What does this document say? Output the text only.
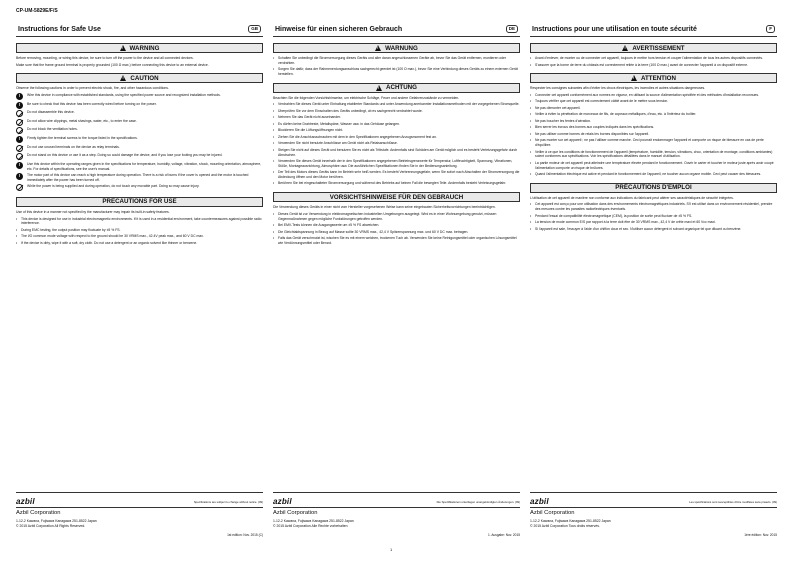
CP-UM-5829E/F/S
Instructions for Safe Use	GB
!
WARNING
Before removing, mounting, or wiring this device, be sure to turn off the power to the device and all connected devices.
Make sure that the frame ground terminal is properly grounded (100 Ω max.) before connecting this device to an external device.
!
CAUTION
Observe the following cautions in order to prevent electric shock, fire, and other hazardous conditions.
!	Wire this device in compliance with established standards, using the specified power source and recognized installation methods.
!	Be sure to check that this device has been correctly wired before turning on the power.
Do not disassemble this device.
Do not allow wire clippings, metal shavings, water, etc., to enter the case.
Do not block the ventilation holes.
!	Firmly tighten the terminal screws to the torque listed in the specifications.
Do not use unused terminals on the device as relay terminals.
Do not stand on this device or use it as a step. Doing so could damage the device, and if you lose your footing you may be injured.
!	Use this device within the operating ranges given in the specifications for temperature, humidity, voltage, vibration, shock, mounting orientation, atmosphere, etc. For details of specifications, see the user's manual.
!	The motor part of this device can reach a high temperature during operation. There is a risk of burns if the cover is opened and the motor is touched immediately after the power has been turned off.
While the power is being supplied and during operation, do not touch any movable part. Doing so may cause injury.
PRECAUTIONS FOR USE
Use of this device in a manner not specified by the manufacturer may impair its built-in safety features.
• This device is designed for use in industrial electromagnetic environments. If it is used in a residential environment, take countermeasures against possible radio interference.
• During EMC testing, the output position may fluctuate by ±5 % FS.
• The I/O common mode voltage with respect to the ground should be 30 VRMS max., 42.4V peak max., and 60 V DC max.
• If the device is dirty, wipe it with a soft, dry cloth. Do not use a detergent or an organic solvent like thinner or benzene.
Hinweise für einen sicheren Gebrauch	DE
!
WARNUNG
• Schalten Sie unbedingt die Stromversorgung dieses Geräts und aller daran angeschlossenen Geräte ab, bevor Sie das Gerät entfernen, montieren oder verdrahten.
• Sorgen Sie dafür, dass der Rahmenerdungsanschluss sachgerecht geerdet ist (100 Ω max.), bevor Sie eine Verbindung dieses Geräts zu einem externen Gerät herstellen.
!
ACHTUNG
Beachten Sie die folgenden Vorsichtshinweise, um elektrische Schläge, Feuer und andere Gefahrenzustände zu vermeiden.
• Verdrahten Sie dieses Gerät unter Einhaltung etablierter Standards und unter Anwendung anerkannter Installationsmethoden mit der vorgegebenen Stromquelle.
• Überprüfen Sie vor dem Einschalten des Geräts unbedingt, ob es sachgerecht verdrahtet wurde.
• Nehmen Sie das Gerät nicht auseinander.
• Es dürfen keine Drahtreste, Metallspäne, Wasser usw. in das Gehäuse gelangen.
• Blockieren Sie die Lüftungsöffnungen nicht.
• Ziehen Sie die Anschlussschrauben mit dem in den Spezifikationen angegebenen Anzugsmoment fest an.
• Verwenden Sie nicht benutzte Anschlüsse am Gerät nicht als Relaisanschlüsse.
• Steigen Sie nicht auf dieses Gerät und benutzen Sie es nicht als Trittstufe. Andernfalls sind Schäden am Gerät möglich und es besteht Verletzungsgefahr durch Abrutschen.
• Verwenden Sie dieses Gerät innerhalb der in den Spezifikationen angegebenen Betriebsgrenzwerte für Temperatur, Luftfeuchtigkeit, Spannung, Vibrationen, Stöße, Montageausrichtung, Atmosphäre usw. Die ausführlichen Spezifikationen finden Sie in der Bedienungsanleitung.
• Der Teil des Motors dieses Geräts kann im Betrieb sehr heiß werden. Es besteht Verbrennungsgefahr, wenn Sie sofort nach Abschalten der Stromversorgung die Abdeckung öffnen und den Motor berühren.
• Berühren Sie bei eingeschalteter Stromversorgung und während des Betriebs auf keinen Fall die bewegten Teile. Andernfalls besteht Verletzungsgefahr.
VORSICHTSHINWEISE FÜR DEN GEBRAUCH
Die Verwendung dieses Geräts in einer nicht vom Hersteller vorgesehenen Weise kann seine eingebauten Sicherheitsvorrichtungen beeinträchtigen.
• Dieses Gerät ist zur Verwendung in elektromagnetischen industriellen Umgebungen ausgelegt. Wird es in einer Wohnumgebung genutzt, müssen Gegenmaßnahmen gegen mögliche Funkstörungen getroffen werden.
• Bei EMV-Tests können die Ausgangswerte um ±5 % FS abweichen.
• Die Gleichtaktspannung in Bezug auf Masse sollte 30 VRMS max., 42,4 V Spitzenspannung max. und 60 V DC max. betragen.
• Falls das Gerät verschmutzt ist, wischen Sie es mit einem weichen, trockenen Tuch ab. Verwenden Sie keine Reinigungsmittel oder organischen Lösungsmittel wie Verdünnungsmittel oder Benzol.
Instructions pour une utilisation en toute sécurité	F
!
AVERTISSEMENT
• Avant d'enlever, de monter ou de connecter cet appareil, toujours le mettre hors tension et couper l'alimentation de tous les autres dispositifs connectés.
• S'assurer que la borne de terre du châssis est correctement reliée à la terre (100 Ω max.) avant de connecter l'appareil à un dispositif externe.
!
ATTENTION
Respecter les consignes suivantes afin d'éviter les chocs électriques, les incendies et autres situations dangereuses.
• Connecter cet appareil conformément aux normes en vigueur, en utilisant la source d'alimentation spécifiée et des méthodes d'installation reconnues.
• Toujours vérifier que cet appareil est correctement câblé avant de le mettre sous tension.
• Ne pas démonter cet appareil.
• Veiller à éviter la pénétration de morceaux de fils, de copeaux métalliques, d'eau, etc. à l'intérieur du boîtier.
• Ne pas boucher les fentes d'aération.
• Bien serrer les écrous des bornes aux couples indiqués dans les spécifications.
• Ne pas utiliser comme bornes de relais les bornes disponibles sur l'appareil.
• Ne pas monter sur cet appareil ; ne pas l'utiliser comme marche. Ceci pourrait endommager l'appareil et comporte un risque de blessure en cas de perte d'équilibre.
• Veiller à ce que les conditions de fonctionnement de l'appareil (température, humidité, tension, vibrations, choc, orientation de montage, conditions ambiantes) soient conformes aux spécifications. Voir les spécifications détaillées dans le manuel d'utilisation.
• La partie moteur de cet appareil peut atteindre une température élevée pendant le fonctionnement. Ouvrir le carter et toucher le moteur juste après avoir coupé l'alimentation comporte un risque de brûlures.
• Quand l'alimentation électrique est active et pendant le fonctionnement de l'appareil, ne toucher aucun organe mobile. Ceci peut causer des blessures.
PRÉCAUTIONS D'EMPLOI
L'utilisation de cet appareil de manière non conforme aux indications du fabricant peut altérer ses caractéristiques de sécurité intégrées.
• Cet appareil est conçu pour une utilisation dans des environnements électromagnétiques industriels. S'il est utilisé dans un environnement résidentiel, prendre des mesures contre les parasites radioélectriques éventuels.
• Pendant l'essai de compatibilité électromagnétique (CEM), la position de sortie peut fluctuer de ±5 % FS.
• La tension de mode commun E/S par rapport à la terre doit être de 30 VRMS max., 42,4 V de crête maxi et 60 Vcc maxi.
• Si l'appareil est sale, l'essuyer à l'aide d'un chiffon doux et sec. N'utiliser aucun détergent ni solvant organique tel que diluant ou benzène.
azbil	Specifications are subject to change without notice. (09)
Azbil Corporation
1-12-2 Kawana, Fujisawa Kanagawa 251-8522 Japan
© 2015 Azbil Corporation All Rights Reserved.
1st edition: Nov. 2015 (C)
azbil	Die Spezifikationen unterliegen unangekündigten Änderungen. (09)
Azbil Corporation
1-12-2 Kawana, Fujisawa Kanagawa 251-8522 Japan
© 2015 Azbil Corporation Alle Rechte vorbehalten
1. Ausgabe: Nov. 2015
azbil	Les spécifications sont susceptibles d'être modifiées sans préavis. (09)
Azbil Corporation
1-12-2 Kawana, Fujisawa Kanagawa 251-8522 Japan
© 2015 Azbil Corporation Tous droits réservés.
1ère édition: Nov. 2015
1
